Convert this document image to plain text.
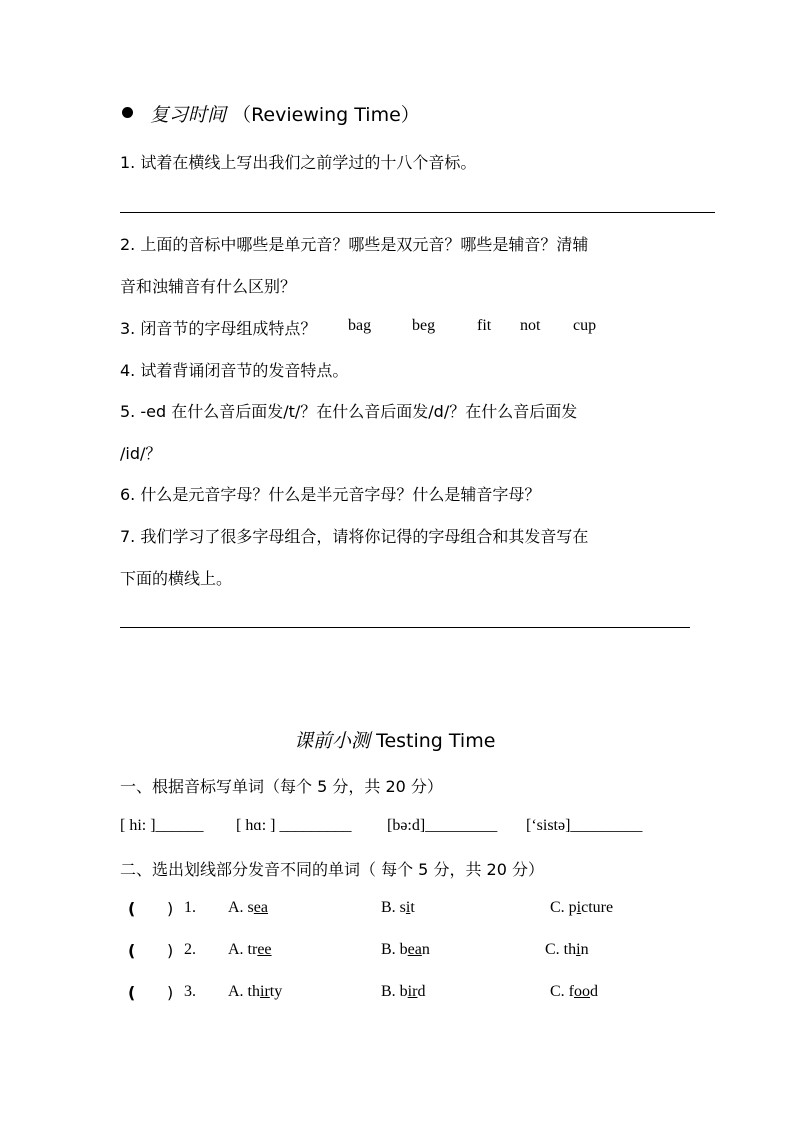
复习时间 （Reviewing Time）
1. 试着在横线上写出我们之前学过的十八个音标。
2. 上面的音标中哪些是单元音？哪些是双元音？哪些是辅音？清辅
音和浊辅音有什么区别？
3. 闭音节的字母组成特点？ bag	beg	fit not cup
4. 试着背诵闭音节的发音特点。
5. -ed 在什么音后面发/t/？在什么音后面发/d/？在什么音后面发
/id/？
6. 什么是元音字母？什么是半元音字母？什么是辅音字母？
7. 我们学习了很多字母组合，请将你记得的字母组合和其发音写在
下面的横线上。
课前小测 Testing Time
一、根据音标写单词（每个 5 分，共 20 分）
[ hi: ]______ [ hɑ: ] _________ [bə:d]_________ [‘sistə]_________
二、选出划线部分发音不同的单词（ 每个 5 分，共 20 分）
( ) 1. A. sea	B. sit	C. picture
( ) 2. A. tree	B. bean	C. thin
( ) 3. A. thirty	B. bird	C. food
